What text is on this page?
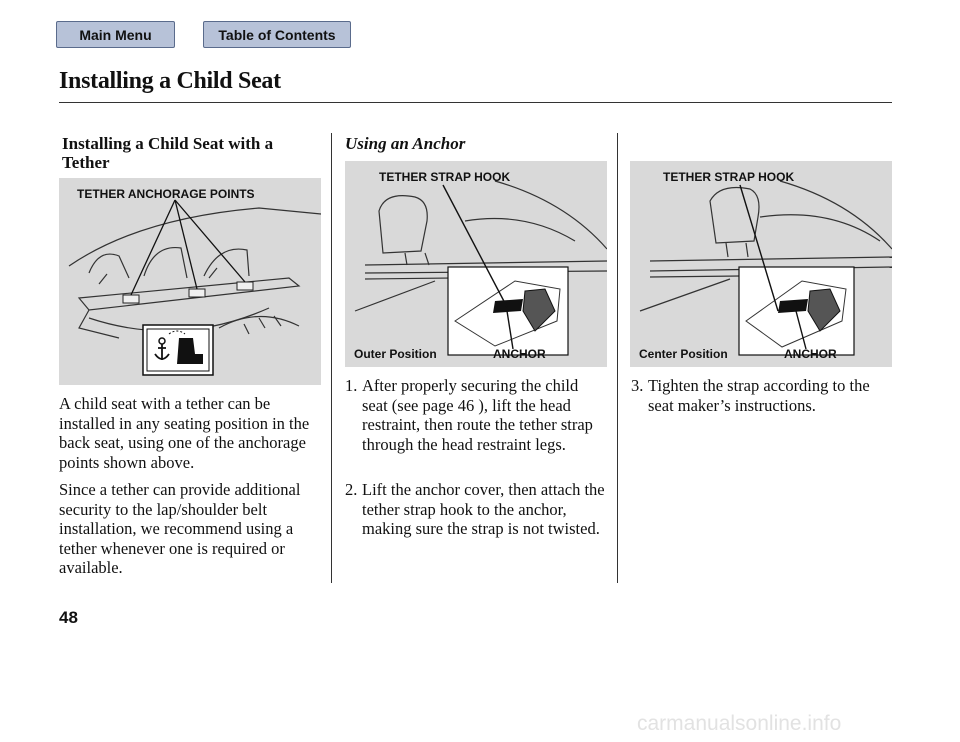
Main Menu	Table of Contents
Installing a Child Seat
Installing a Child Seat with a Tether
Using an Anchor
TETHER ANCHORAGE POINTS
TETHER STRAP HOOK
Outer Position	ANCHOR
TETHER STRAP HOOK
Center Position	ANCHOR
A child seat with a tether can be installed in any seating position in the back seat, using one of the anchorage points shown above.
Since a tether can provide additional security to the lap/shoulder belt installation, we recommend using a tether whenever one is required or available.
1. After properly securing the child seat (see page 46 ), lift the head restraint, then route the tether strap through the head restraint legs.
2. Lift the anchor cover, then attach the tether strap hook to the anchor, making sure the strap is not twisted.
3. Tighten the strap according to the seat maker’s instructions.
48
carmanualsonline.info
